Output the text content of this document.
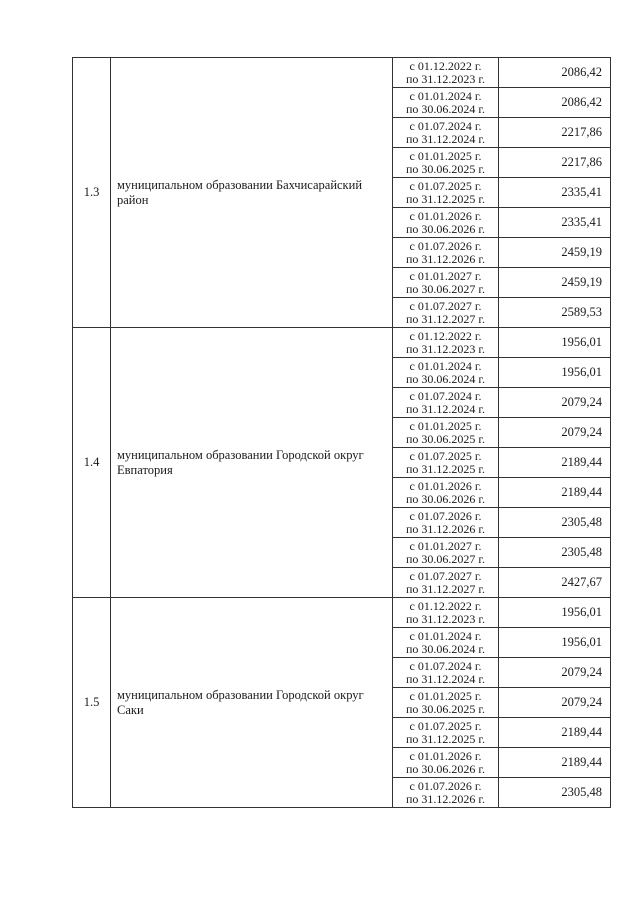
1.3	муниципальном образовании Бахчисарайский район	с 01.12.2022 г.
по 31.12.2023 г.	2086,42

		с 01.01.2024 г.
по 30.06.2024 г.	2086,42

		с 01.07.2024 г.
по 31.12.2024 г.	2217,86

		с 01.01.2025 г.
по 30.06.2025 г.	2217,86

		с 01.07.2025 г.
по 31.12.2025 г.	2335,41

		с 01.01.2026 г.
по 30.06.2026 г.	2335,41

		с 01.07.2026 г.
по 31.12.2026 г.	2459,19

		с 01.01.2027 г.
по 30.06.2027 г.	2459,19

		с 01.07.2027 г.
по 31.12.2027 г.	2589,53
1.4	муниципальном образовании Городской округ Евпатория	с 01.12.2022 г.
по 31.12.2023 г.	1956,01

		с 01.01.2024 г.
по 30.06.2024 г.	1956,01

		с 01.07.2024 г.
по 31.12.2024 г.	2079,24

		с 01.01.2025 г.
по 30.06.2025 г.	2079,24

		с 01.07.2025 г.
по 31.12.2025 г.	2189,44

		с 01.01.2026 г.
по 30.06.2026 г.	2189,44

		с 01.07.2026 г.
по 31.12.2026 г.	2305,48

		с 01.01.2027 г.
по 30.06.2027 г.	2305,48

		с 01.07.2027 г.
по 31.12.2027 г.	2427,67
1.5	муниципальном образовании Городской округ Саки	с 01.12.2022 г.
по 31.12.2023 г.	1956,01

		с 01.01.2024 г.
по 30.06.2024 г.	1956,01

		с 01.07.2024 г.
по 31.12.2024 г.	2079,24

		с 01.01.2025 г.
по 30.06.2025 г.	2079,24

		с 01.07.2025 г.
по 31.12.2025 г.	2189,44

		с 01.01.2026 г.
по 30.06.2026 г.	2189,44

		с 01.07.2026 г.
по 31.12.2026 г.	2305,48
